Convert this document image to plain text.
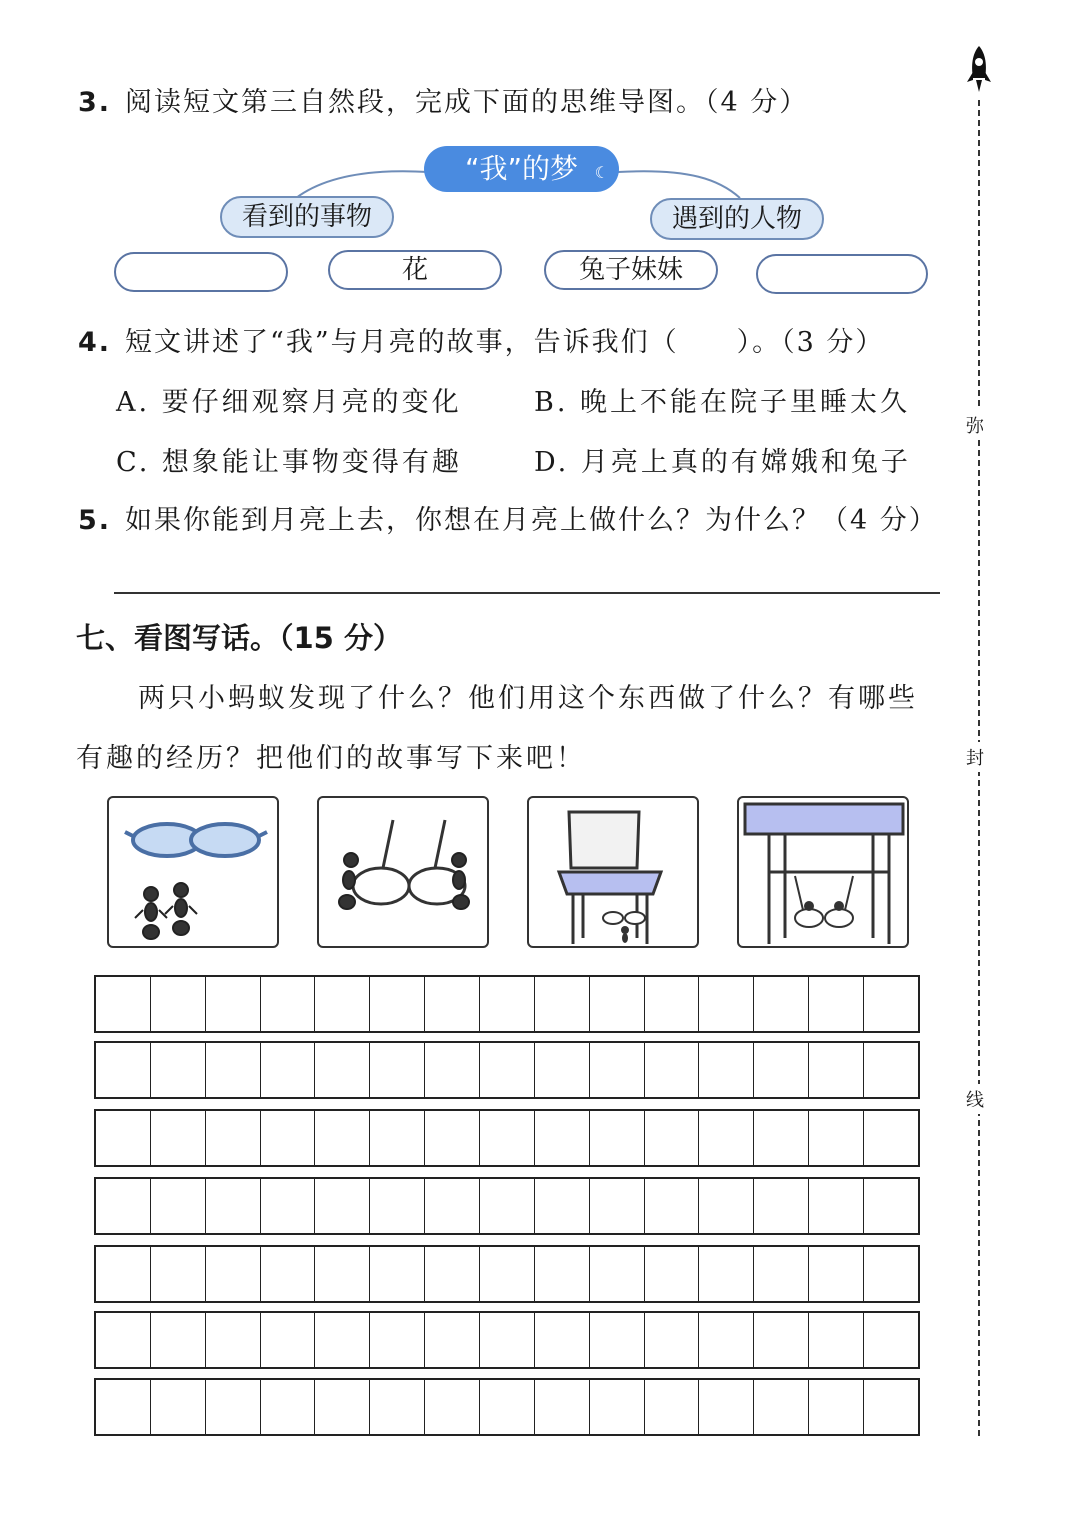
弥
封
线
3. 阅读短文第三自然段，完成下面的思维导图。（4 分）
“我”的梦 ☾
看到的事物	遇到的人物
花	兔子妹妹
4. 短文讲述了“我”与月亮的故事，告诉我们（　　）。（3 分）
A. 要仔细观察月亮的变化	B. 晚上不能在院子里睡太久
C. 想象能让事物变得有趣	D. 月亮上真的有嫦娥和兔子
5. 如果你能到月亮上去，你想在月亮上做什么？为什么？（4 分）
七、看图写话。（15 分）
两只小蚂蚁发现了什么？他们用这个东西做了什么？有哪些
有趣的经历？把他们的故事写下来吧！
